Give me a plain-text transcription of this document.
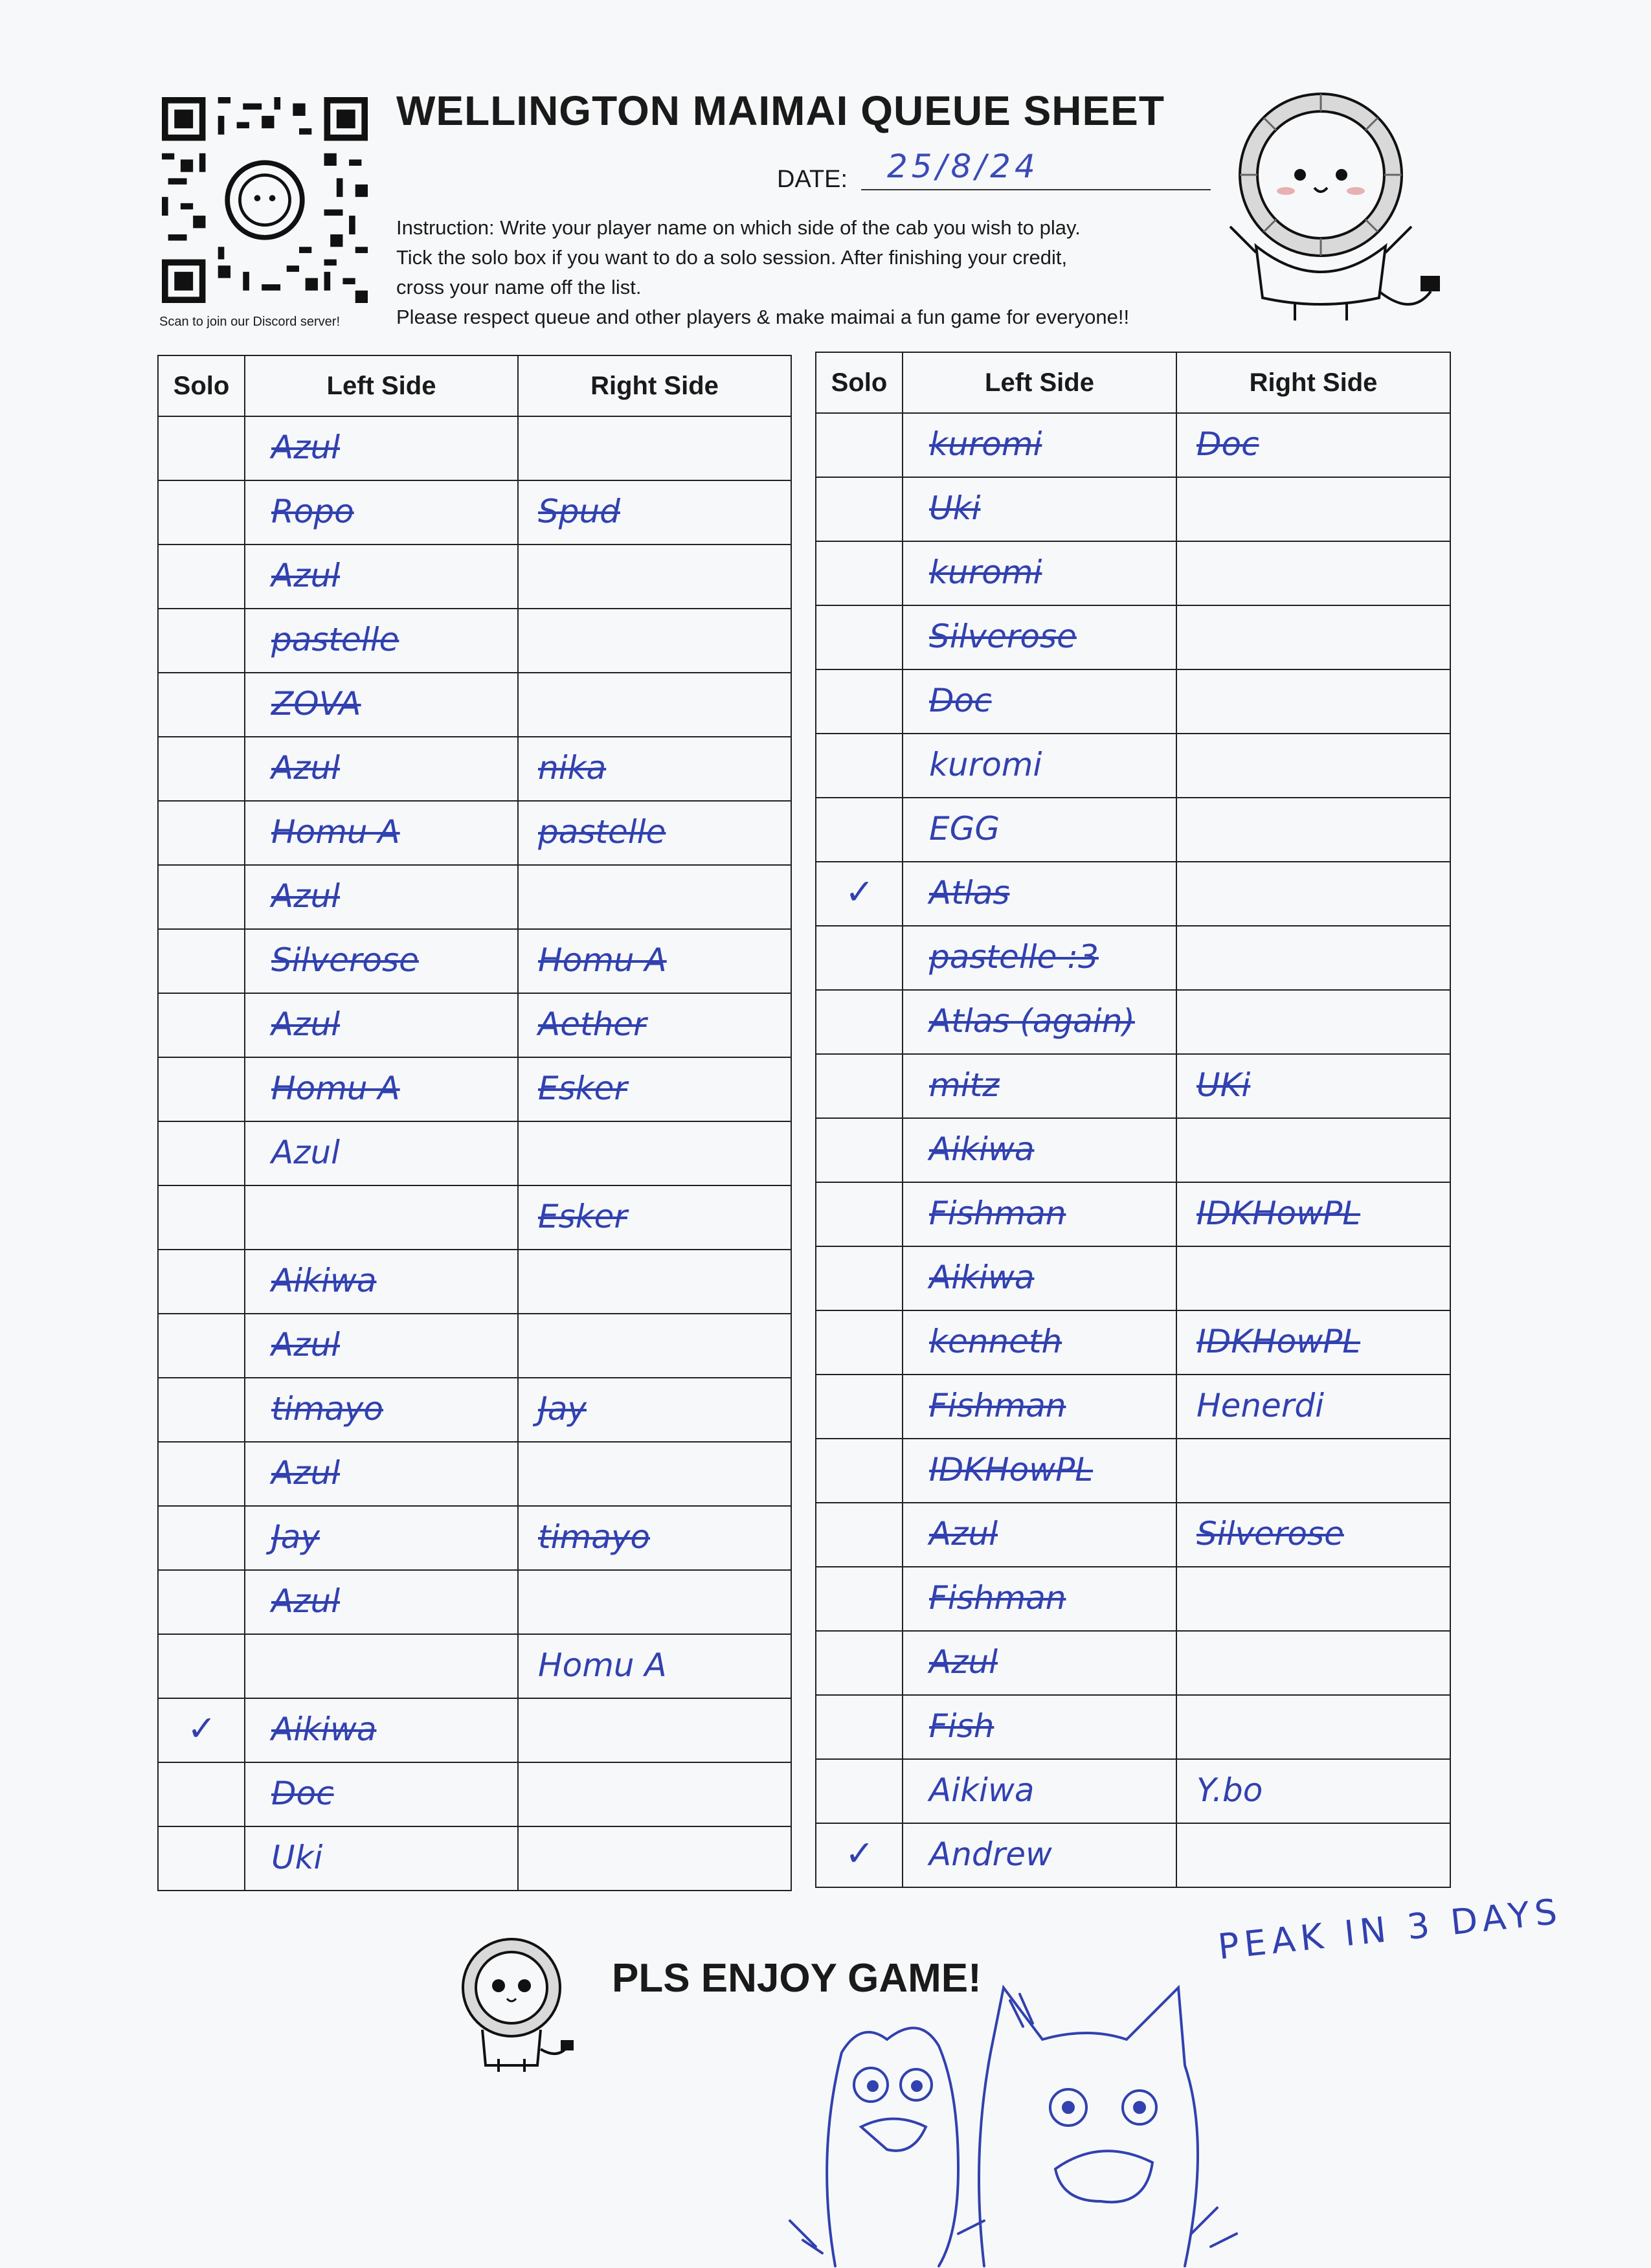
Scan to join our Discord server!
WELLINGTON MAIMAI QUEUE SHEET
DATE: 25/8/24
Instruction: Write your player name on which side of the cab you wish to play.
Tick the solo box if you want to do a solo session. After finishing your credit,
cross your name off the list.
Please respect queue and other players & make maimai a fun game for everyone!!
Solo	Left Side	Right Side

	Azul	

	Ropo	Spud

	Azul	

	pastelle	

	ZOVA	

	Azul	nika

	Homu A	pastelle

	Azul	

	Silverose	Homu A

	Azul	Aether

	Homu A	Esker

	Azul	

		Esker

	Aikiwa	

	Azul	

	timayo	Jay

	Azul	

	Jay	timayo

	Azul	

		Homu A

✓	Aikiwa	

	Doc	

	Uki	

Solo	Left Side	Right Side

	kuromi	Doc

	Uki	

	kuromi	

	Silverose	

	Doc	

	kuromi	

	EGG	

✓	Atlas	

	pastelle :3	

	Atlas (again)	

	mitz	UKi

	Aikiwa	

	Fishman	IDKHowPL

	Aikiwa	

	kenneth	IDKHowPL

	Fishman	Henerdi

	IDKHowPL	

	Azul	Silverose

	Fishman	

	Azul	

	Fish	

	Aikiwa	Y.bo

✓	Andrew	

PLS ENJOY GAME!
PEAK IN 3 DAYS
